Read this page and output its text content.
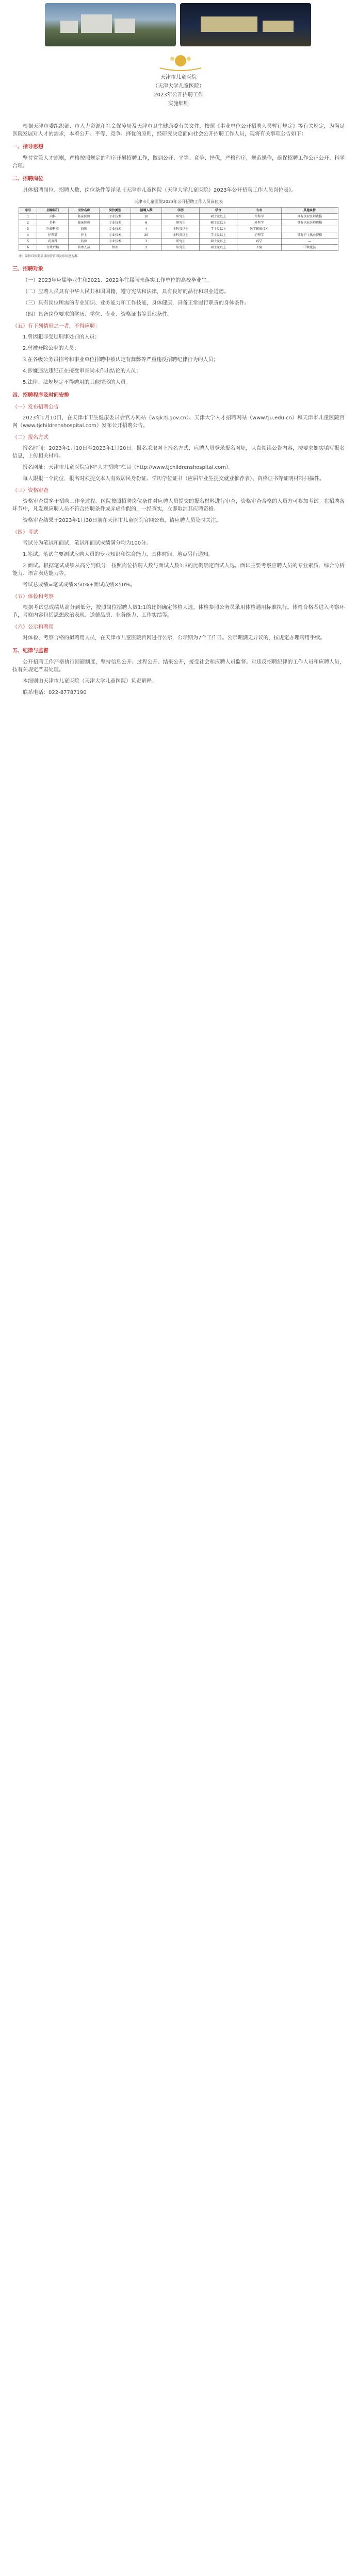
天津市儿童医院
（天津大学儿童医院）
2023年公开招聘工作
实施细则

根据天津市委组织部、市人力资源和社会保障局及天津市卫生健康委有关文件，按照《事业单位公开招聘人员暂行规定》等有关规定，为满足医院发展对人才的需求，本着公开、平等、竞争、择优的原则，经研究决定面向社会公开招聘工作人员，现将有关事项公告如下：

一、指导思想

坚持党管人才原则，严格按照规定的程序开展招聘工作，做到公开、平等、竞争、择优，严格程序，规范操作，确保招聘工作公正公开、科学合理。

二、招聘岗位

具体招聘岗位、招聘人数、岗位条件等详见《天津市儿童医院（天津大学儿童医院）2023年公开招聘工作人员岗位表》。

天津市儿童医院2023年公开招聘工作人员岗位表
序号	招聘部门	岗位名称	岗位类别	招聘人数	学历	学位	专业	其他条件
1	内科	临床医师	专业技术	10	研究生	硕士及以上	儿科学	具有执业医师资格
2	外科	临床医师	专业技术	6	研究生	硕士及以上	外科学	具有执业医师资格
3	医技科室	技师	专业技术	4	本科及以上	学士及以上	医学影像技术	—
4	护理部	护士	专业技术	20	本科及以上	学士及以上	护理学	具有护士执业资格
5	药剂科	药师	专业技术	3	研究生	硕士及以上	药学	—
6	行政后勤	管理人员	管理	2	研究生	硕士及以上	不限	中共党员
注：岗位具体要求以医院官网发布信息为准。

三、招聘对象

（一）2023年应届毕业生和2021、2022年往届尚未落实工作单位的高校毕业生。

（二）应聘人员具有中华人民共和国国籍，遵守宪法和法律，具有良好的品行和职业道德。

（三）具有岗位所需的专业知识、业务能力和工作技能，身体健康，具备正常履行职责的身体条件。

（四）具备岗位要求的学历、学位、专业、资格证书等其他条件。

（五）有下列情形之一者，不得应聘：

1.曾因犯罪受过刑事处罚的人员；

2.曾被开除公职的人员；

3.在各级公务员招考和事业单位招聘中被认定有舞弊等严重违反招聘纪律行为的人员；

4.涉嫌违法违纪正在接受审查尚未作出结论的人员；

5.法律、法规规定不得聘用的其他情形的人员。

四、招聘程序及时间安排

（一）发布招聘公告

2023年1月10日，在天津市卫生健康委员会官方网站（wsjk.tj.gov.cn）、天津大学人才招聘网站（www.tju.edu.cn）和天津市儿童医院官网（www.tjchildrenshospital.com）发布公开招聘公告。

（二）报名方式

报名时间：2023年1月10日至2023年1月20日。报名采取网上报名方式，应聘人员登录报名网址，认真阅读公告内容，按要求如实填写报名信息，上传相关材料。

报名网址：天津市儿童医院官网“人才招聘”栏目（http://www.tjchildrenshospital.com）。

每人限报一个岗位，报名时须提交本人有效居民身份证、学历学位证书（应届毕业生提交就业推荐表）、资格证书等证明材料扫描件。

（三）资格审查

资格审查贯穿于招聘工作全过程。医院按照招聘岗位条件对应聘人员提交的报名材料进行审查，资格审查合格的人员方可参加考试。在招聘各环节中，凡发现应聘人员不符合招聘条件或弄虚作假的，一经查实，立即取消其应聘资格。

资格审查结果于2023年1月30日前在天津市儿童医院官网公布，请应聘人员及时关注。

（四）考试

考试分为笔试和面试，笔试和面试成绩满分均为100分。

1.笔试。笔试主要测试应聘人员的专业知识和综合能力，具体时间、地点另行通知。

2.面试。根据笔试成绩从高分到低分，按照岗位招聘人数与面试人数1:3的比例确定面试人选。面试主要考察应聘人员的专业素质、综合分析能力、语言表达能力等。

考试总成绩=笔试成绩×50%+面试成绩×50%。

（五）体检和考察

根据考试总成绩从高分到低分，按照岗位招聘人数1:1的比例确定体检人选。体检参照公务员录用体检通用标准执行。体检合格者进入考察环节，考察内容包括思想政治表现、道德品质、业务能力、工作实绩等。

（六）公示和聘用

对体检、考察合格的拟聘用人员，在天津市儿童医院官网进行公示，公示期为7个工作日。公示期满无异议的，按规定办理聘用手续。

五、纪律与监督

公开招聘工作严格执行回避制度，坚持信息公开、过程公开、结果公开，接受社会和应聘人员监督。对违反招聘纪律的工作人员和应聘人员，按有关规定严肃处理。

本细则由天津市儿童医院（天津大学儿童医院）负责解释。

联系电话：022-87787190
